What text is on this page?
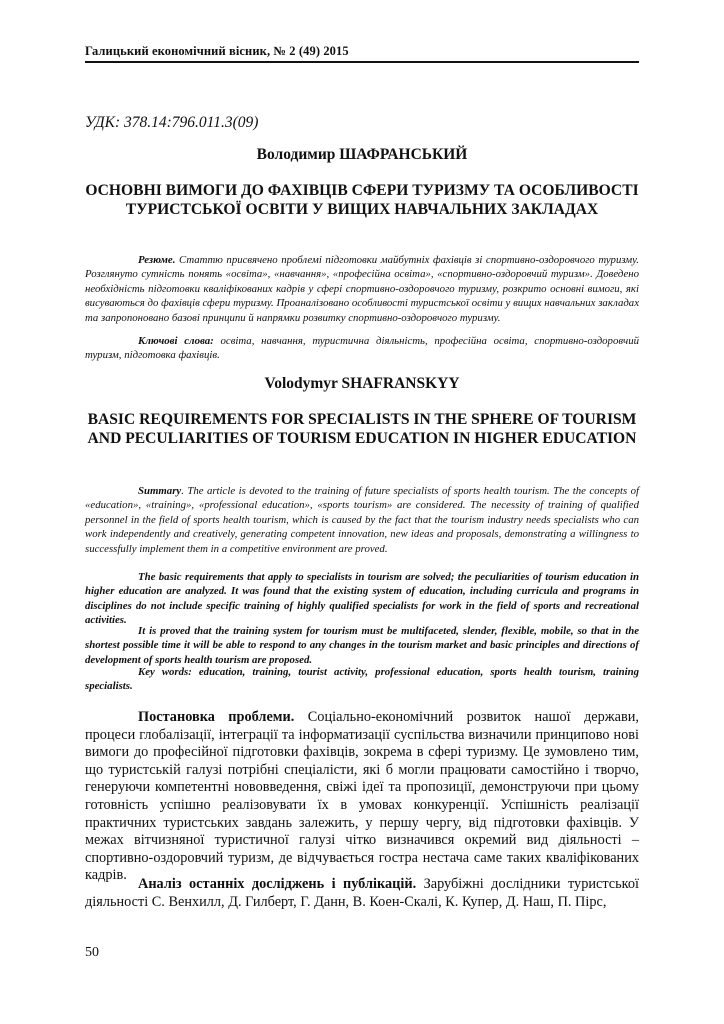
Галицький економічний вісник, № 2 (49) 2015
УДК: 378.14:796.011.3(09)
Володимир ШАФРАНСЬКИЙ
ОСНОВНІ ВИМОГИ ДО ФАХІВЦІВ СФЕРИ ТУРИЗМУ ТА ОСОБЛИВОСТІ ТУРИСТСЬКОЇ ОСВІТИ У ВИЩИХ НАВЧАЛЬНИХ ЗАКЛАДАХ

Резюме. Статтю присвячено проблемі підготовки майбутніх фахівців зі спортивно-оздоровчого туризму. Розглянуто сутність понять «освіта», «навчання», «професійна освіта», «спортивно-оздоровчий туризм». Доведено необхідність підготовки кваліфікованих кадрів у сфері спортивно-оздоровчого туризму, розкрито основні вимоги, які висуваються до фахівців сфери туризму. Проаналізовано особливості туристської освіти у вищих навчальних закладах та запропоновано базові принципи й напрямки розвитку спортивно-оздоровчого туризму.

Ключові слова: освіта, навчання, туристична діяльність, професійна освіта, спортивно-оздоровчий туризм, підготовка фахівців.

Volodymyr SHAFRANSKYY
BASIC REQUIREMENTS FOR SPECIALISTS IN THE SPHERE OF TOURISM AND PECULIARITIES OF TOURISM EDUCATION IN HIGHER EDUCATION

Summary. The article is devoted to the training of future specialists of sports health tourism. The the concepts of «education», «training», «professional education», «sports tourism» are considered. The necessity of training of qualified personnel in the field of sports health tourism, which is caused by the fact that the tourism industry needs specialists who can work independently and creatively, generating competent innovation, new ideas and proposals, demonstrating a willingness to successfully implement them in a competitive environment are proved.

The basic requirements that apply to specialists in tourism are solved; the peculiarities of tourism education in higher education are analyzed. It was found that the existing system of education, including curricula and programs in disciplines do not include specific training of highly qualified specialists for work in the field of sports and recreational activities.

It is proved that the training system for tourism must be multifaceted, slender, flexible, mobile, so that in the shortest possible time it will be able to respond to any changes in the tourism market and basic principles and directions of development of sports health tourism are proposed.

Key words: education, training, tourist activity, professional education, sports health tourism, training specialists.

Постановка проблеми. Соціально-економічний розвиток нашої держави, процеси глобалізації, інтеграції та інформатизації суспільства визначили принципово нові вимоги до професійної підготовки фахівців, зокрема в сфері туризму. Це зумовлено тим, що туристській галузі потрібні спеціалісти, які б могли працювати самостійно і творчо, генеруючи компетентні нововведення, свіжі ідеї та пропозиції, демонструючи при цьому готовність успішно реалізовувати їх в умовах конкуренції. Успішність реалізації практичних туристських завдань залежить, у першу чергу, від підготовки фахівців. У межах вітчизняної туристичної галузі чітко визначився окремий вид діяльності – спортивно-оздоровчий туризм, де відчувається гостра нестача саме таких кваліфікованих кадрів.

Аналіз останніх досліджень і публікацій. Зарубіжні дослідники туристської діяльності С. Венхилл, Д. Гилберт, Г. Данн, В. Коен-Скалі, К. Купер, Д. Наш, П. Пірс,

50
